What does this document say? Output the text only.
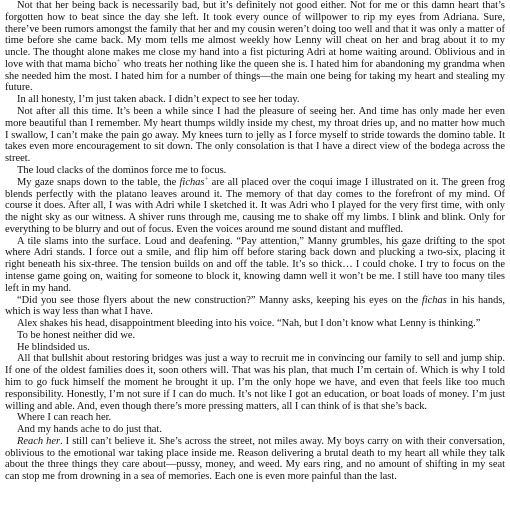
Not that her being back is necessarily bad, but it’s definitely not good either. Not for me or this damn heart that’s forgotten how to beat since the day she left. It took every ounce of willpower to rip my eyes from Adriana. Sure, there’ve been rumors amongst the family that her and my cousin weren’t doing too well and that it was only a matter of time before she came back. My mom tells me almost weekly how Lenny will cheat on her and brag about it to my uncle. The thought alone makes me close my hand into a fist picturing Adri at home waiting around. Oblivious and in love with that mama bicho+ who treats her nothing like the queen she is. I hated him for abandoning my grandma when she needed him the most. I hated him for a number of things—the main one being for taking my heart and stealing my future.

In all honesty, I’m just taken aback. I didn’t expect to see her today.

Not after all this time. It’s been a while since I had the pleasure of seeing her. And time has only made her even more beautiful than I remember. My heart thumps wildly inside my chest, my throat dries up, and no matter how much I swallow, I can’t make the pain go away. My knees turn to jelly as I force myself to stride towards the domino table. It takes even more encouragement to sit down. The only consolation is that I have a direct view of the bodega across the street.

The loud clacks of the dominos force me to focus.

My gaze snaps down to the table, the fichas+ are all placed over the coqui image I illustrated on it. The green frog blends perfectly with the platano leaves around it. The memory of that day comes to the forefront of my mind. Of course it does. After all, I was with Adri while I sketched it. It was Adri who I played for the very first time, with only the night sky as our witness. A shiver runs through me, causing me to shake off my limbs. I blink and blink. Only for everything to be blurry and out of focus. Even the voices around me sound distant and muffled.

A tile slams into the surface. Loud and deafening. “Pay attention,” Manny grumbles, his gaze drifting to the spot where Adri stands. I force out a smile, and flip him off before staring back down and plucking a two-six, placing it right beneath his six-three. The tension builds on and off the table. It’s so thick… I could choke. I try to focus on the intense game going on, waiting for someone to block it, knowing damn well it won’t be me. I still have too many tiles left in my hand.

“Did you see those flyers about the new construction?” Manny asks, keeping his eyes on the fichas in his hands, which is way less than what I have.

Alex shakes his head, disappointment bleeding into his voice. “Nah, but I don’t know what Lenny is thinking.”

To be honest neither did we.

He blindsided us.

All that bullshit about restoring bridges was just a way to recruit me in convincing our family to sell and jump ship. If one of the oldest families does it, soon others will. That was his plan, that much I’m certain of. Which is why I told him to go fuck himself the moment he brought it up. I’m the only hope we have, and even that feels like too much responsibility. Honestly, I’m not sure if I can do much. It’s not like I got an education, or boat loads of money. I’m just willing and able. And, even though there’s more pressing matters, all I can think of is that she’s back.

Where I can reach her.

And my hands ache to do just that.

Reach her. I still can’t believe it. She’s across the street, not miles away. My boys carry on with their conversation, oblivious to the emotional war taking place inside me. Reason delivering a brutal death to my heart all while they talk about the three things they care about—pussy, money, and weed. My ears ring, and no amount of shifting in my seat can stop me from drowning in a sea of memories. Each one is even more painful than the last.
